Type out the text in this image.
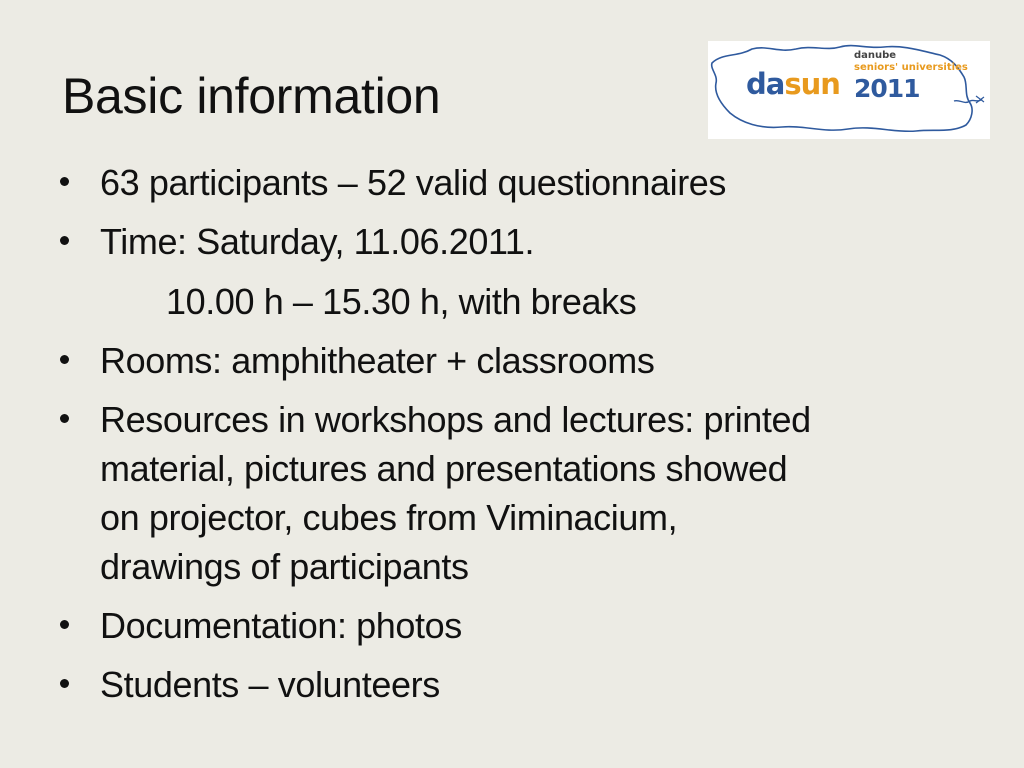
Basic information	dasun
danube
seniors' universities
2011
63 participants – 52 valid questionnaires
Time: Saturday, 11.06.2011.
10.00 h – 15.30 h, with breaks
Rooms: amphitheater + classrooms
Resources in workshops and lectures: printed
material, pictures and presentations showed
on projector, cubes from Viminacium,
drawings of participants
Documentation: photos
Students – volunteers
